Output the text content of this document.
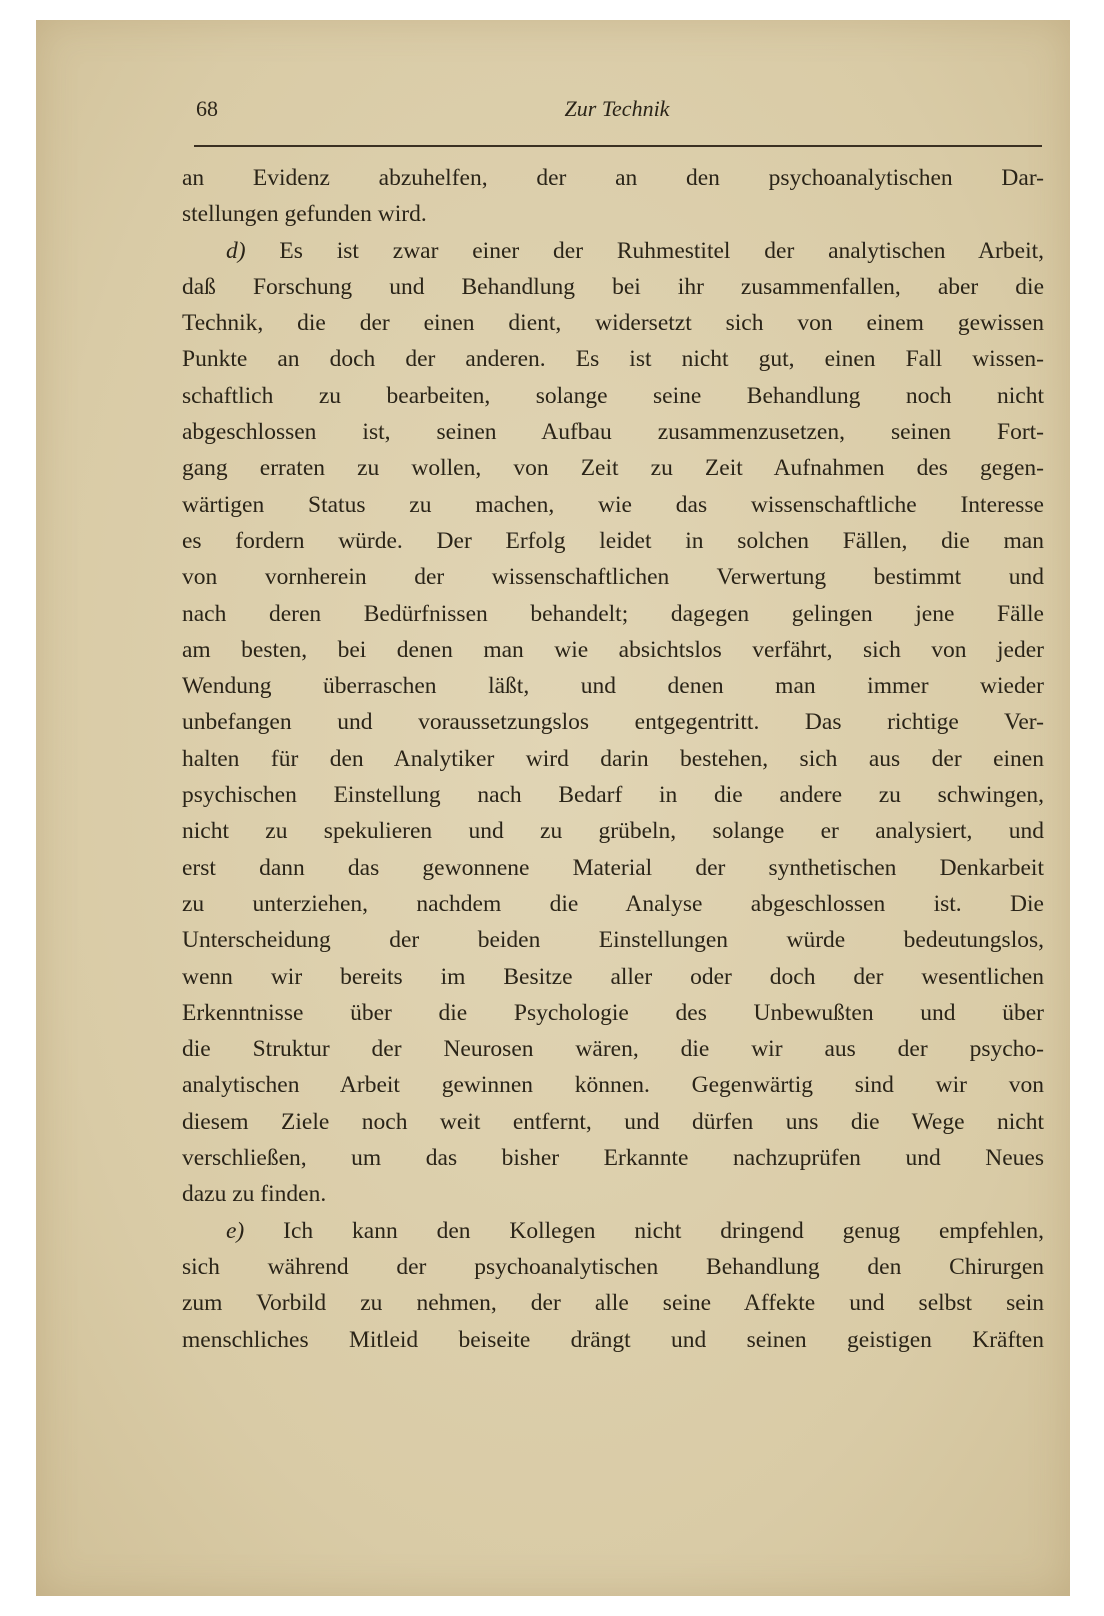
68	Zur Technik
an Evidenz abzuhelfen, der an den psychoanalytischen Dar-
stellungen gefunden wird.
d) Es ist zwar einer der Ruhmestitel der analytischen Arbeit,
daß Forschung und Behandlung bei ihr zusammenfallen, aber die
Technik, die der einen dient, widersetzt sich von einem gewissen
Punkte an doch der anderen. Es ist nicht gut, einen Fall wissen-
schaftlich zu bearbeiten, solange seine Behandlung noch nicht
abgeschlossen ist, seinen Aufbau zusammenzusetzen, seinen Fort-
gang erraten zu wollen, von Zeit zu Zeit Aufnahmen des gegen-
wärtigen Status zu machen, wie das wissenschaftliche Interesse
es fordern würde. Der Erfolg leidet in solchen Fällen, die man
von vornherein der wissenschaftlichen Verwertung bestimmt und
nach deren Bedürfnissen behandelt; dagegen gelingen jene Fälle
am besten, bei denen man wie absichtslos verfährt, sich von jeder
Wendung überraschen läßt, und denen man immer wieder
unbefangen und voraussetzungslos entgegentritt. Das richtige Ver-
halten für den Analytiker wird darin bestehen, sich aus der einen
psychischen Einstellung nach Bedarf in die andere zu schwingen,
nicht zu spekulieren und zu grübeln, solange er analysiert, und
erst dann das gewonnene Material der synthetischen Denkarbeit
zu unterziehen, nachdem die Analyse abgeschlossen ist. Die
Unterscheidung der beiden Einstellungen würde bedeutungslos,
wenn wir bereits im Besitze aller oder doch der wesentlichen
Erkenntnisse über die Psychologie des Unbewußten und über
die Struktur der Neurosen wären, die wir aus der psycho-
analytischen Arbeit gewinnen können. Gegenwärtig sind wir von
diesem Ziele noch weit entfernt, und dürfen uns die Wege nicht
verschließen, um das bisher Erkannte nachzuprüfen und Neues
dazu zu finden.
e) Ich kann den Kollegen nicht dringend genug empfehlen,
sich während der psychoanalytischen Behandlung den Chirurgen
zum Vorbild zu nehmen, der alle seine Affekte und selbst sein
menschliches Mitleid beiseite drängt und seinen geistigen Kräften
